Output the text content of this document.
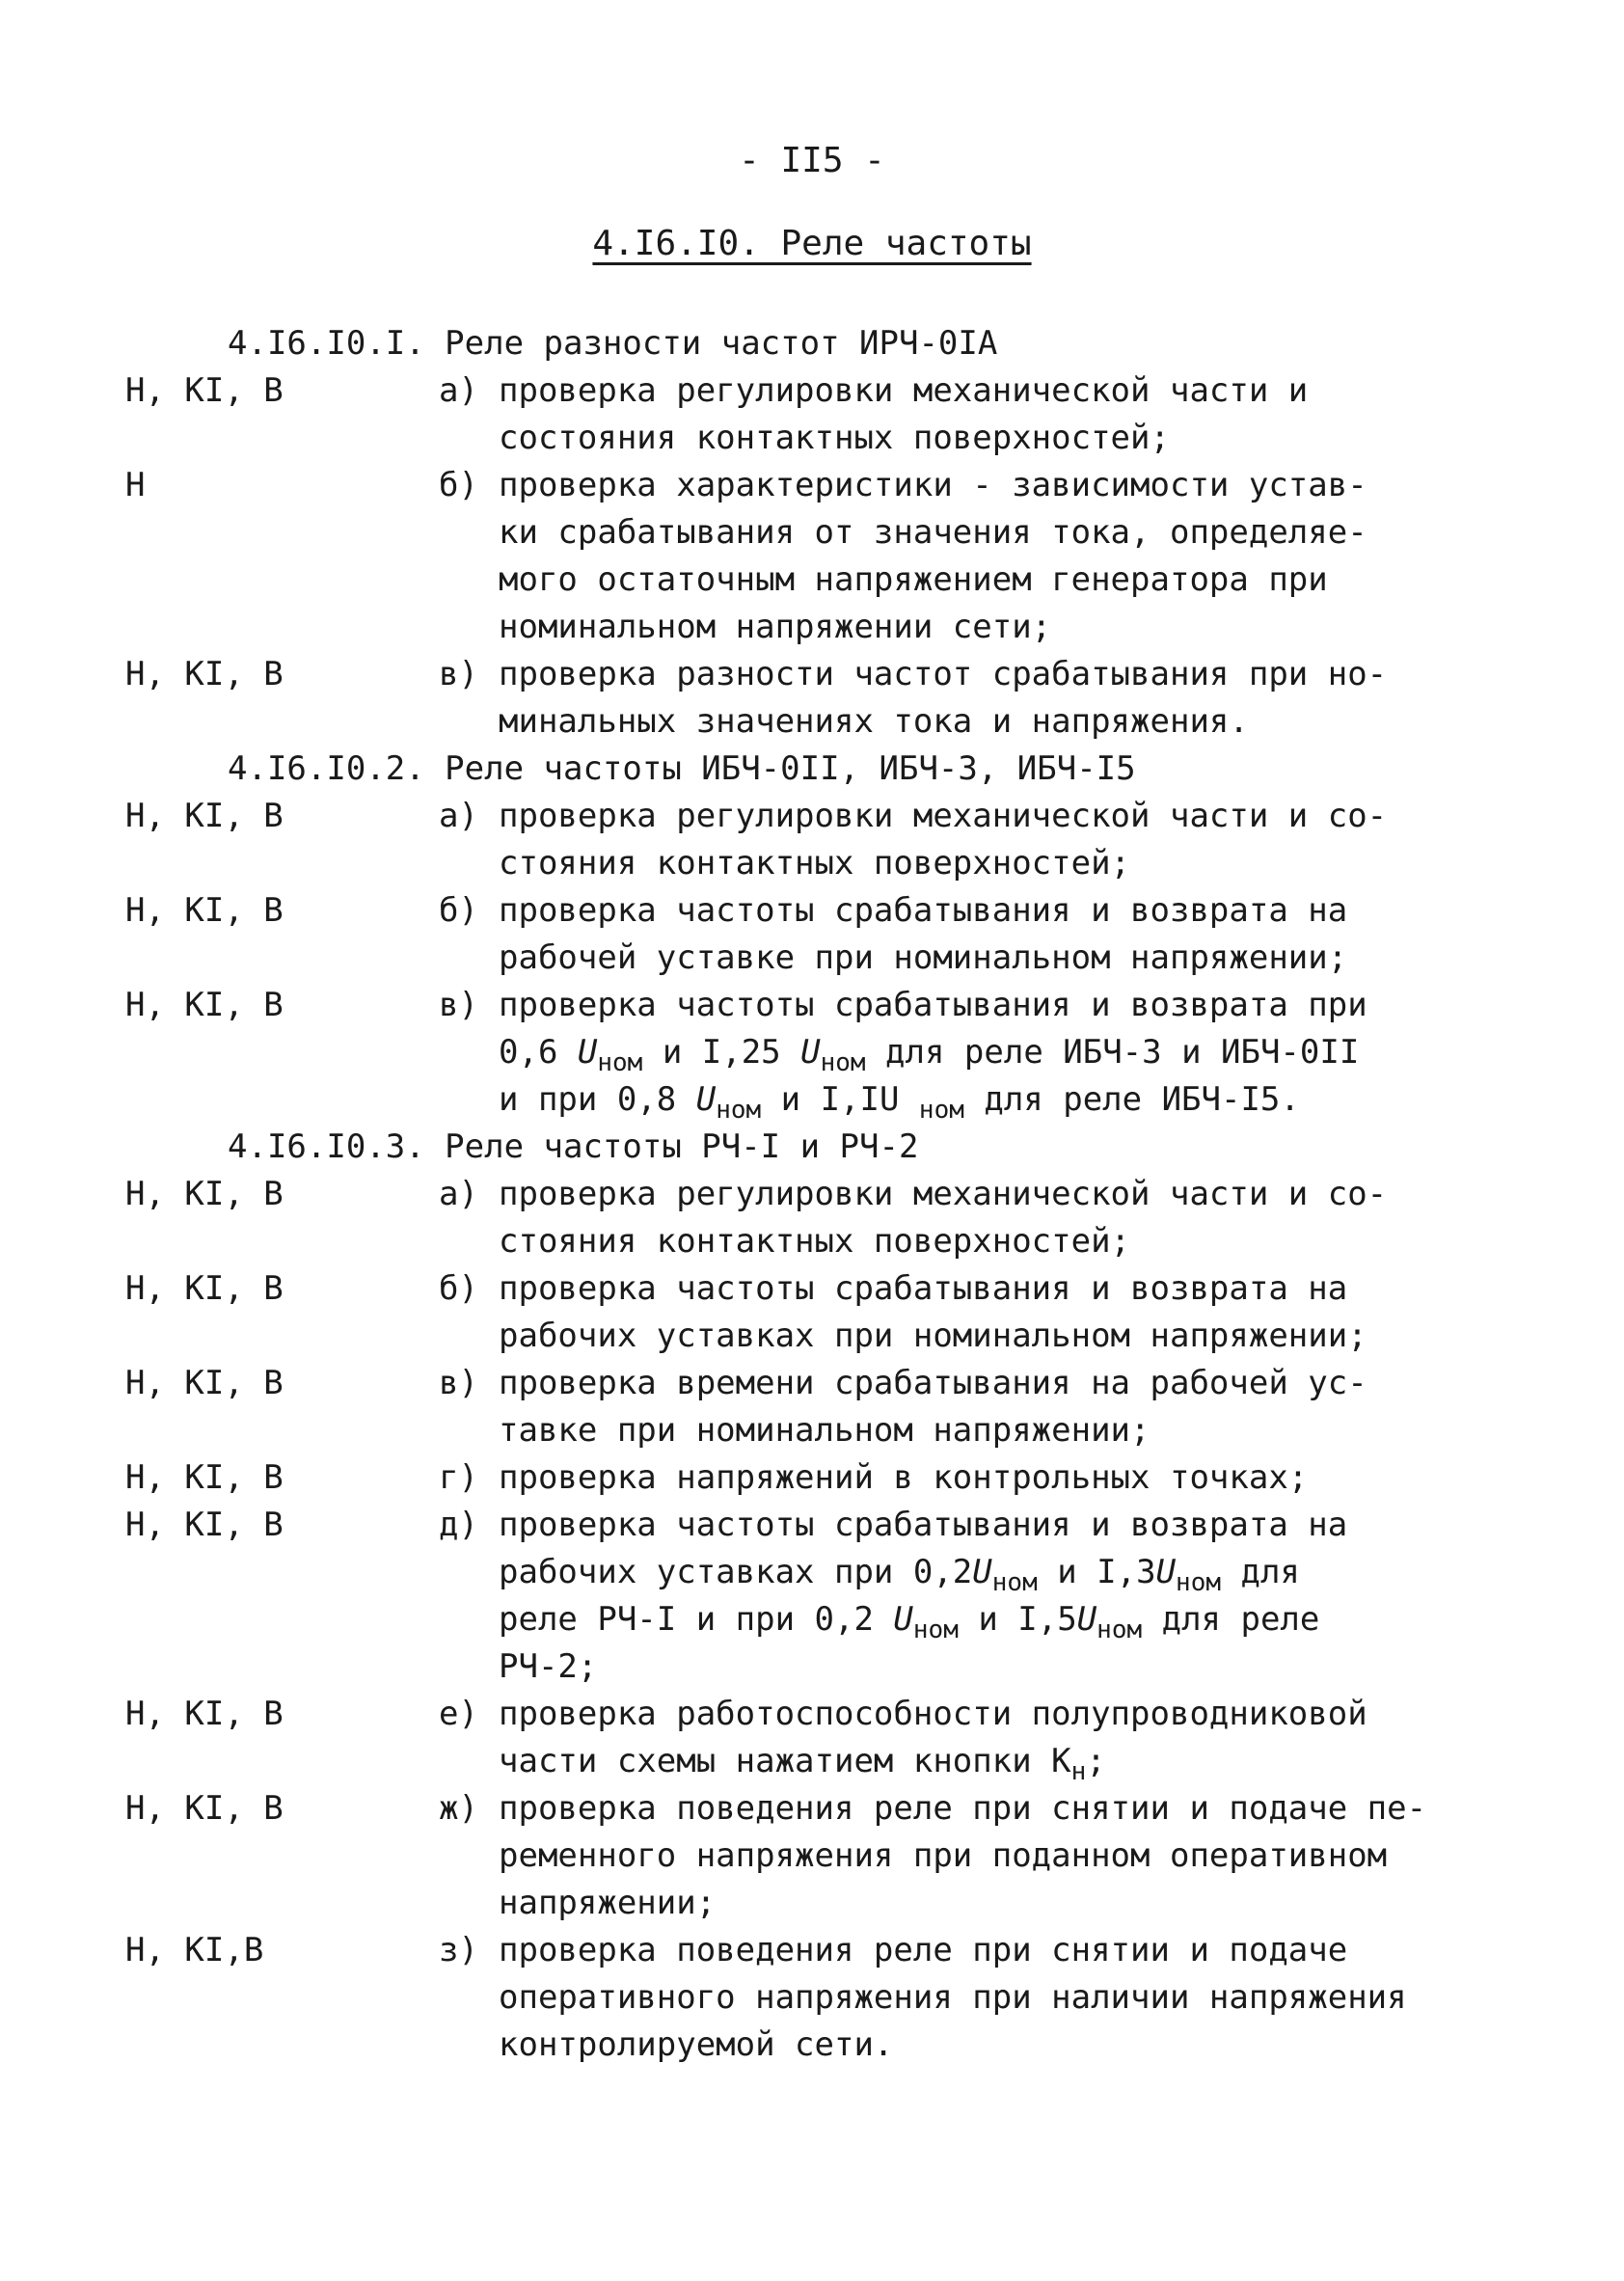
- II5 -
4.I6.I0. Реле частоты
4.I6.I0.I. Реле разности частот ИРЧ-0IA
Н, КI, В	а) проверка регулировки механической части и
состояния контактных поверхностей;
Н	б) проверка характеристики - зависимости устав-
ки срабатывания от значения тока, определяе-
мого остаточным напряжением генератора при
номинальном напряжении сети;
Н, КI, В	в) проверка разности частот срабатывания при но-
минальных значениях тока и напряжения.
4.I6.I0.2. Реле частоты ИБЧ-0II, ИБЧ-3, ИБЧ-I5
Н, КI, В	а) проверка регулировки механической части и со-
стояния контактных поверхностей;
Н, КI, В	б) проверка частоты срабатывания и возврата на
рабочей уставке при номинальном напряжении;
Н, КI, В	в) проверка частоты срабатывания и возврата при
0,6 $U_{ном}$ и I,25 $U_{ном}$ для реле ИБЧ-3 и ИБЧ-0II
и при 0,8 $U_{ном}$ и I,IU $_{ном}$ для реле ИБЧ-I5.
4.I6.I0.3. Реле частоты РЧ-I и РЧ-2
Н, КI, В	а) проверка регулировки механической части и со-
стояния контактных поверхностей;
Н, КI, В	б) проверка частоты срабатывания и возврата на
рабочих уставках при номинальном напряжении;
Н, КI, В	в) проверка времени срабатывания на рабочей ус-
тавке при номинальном напряжении;
Н, КI, В	г) проверка напряжений в контрольных точках;
Н, КI, В	д) проверка частоты срабатывания и возврата на
рабочих уставках при $0,2U_{ном}$ и $I,3U_{ном}$ для
реле РЧ-I и при 0,2 $U_{ном}$ и $I,5U_{ном}$ для реле
РЧ-2;
Н, КI, В	е) проверка работоспособности полупроводниковой
части схемы нажатием кнопки $К_н$;
Н, КI, В	ж) проверка поведения реле при снятии и подаче пе-
ременного напряжения при поданном оперативном
напряжении;
Н, КI,В	з) проверка поведения реле при снятии и подаче
оперативного напряжения при наличии напряжения
контролируемой сети.
